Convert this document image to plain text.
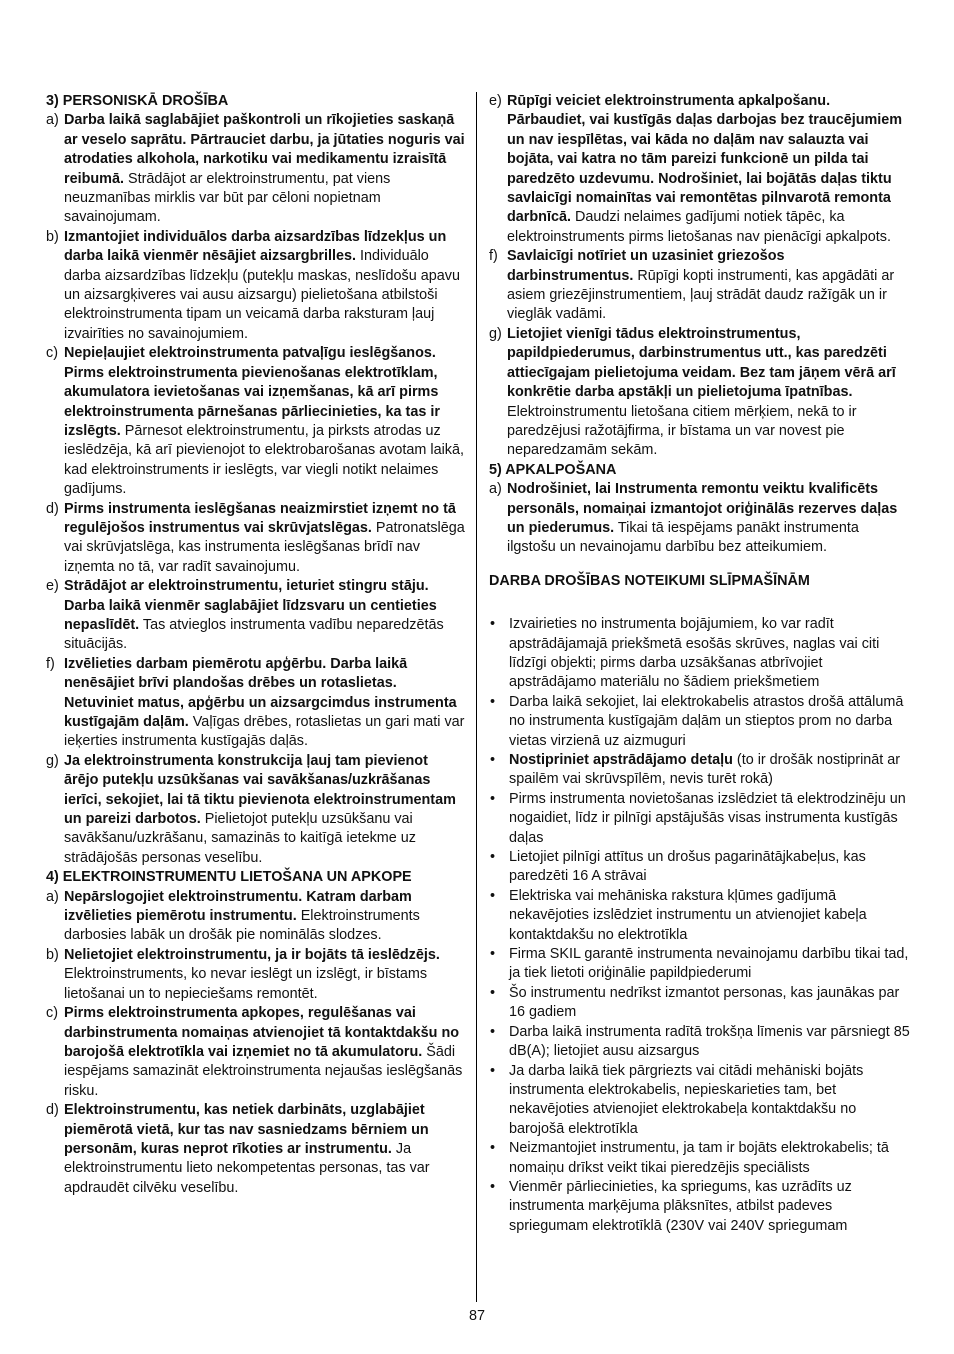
3) PERSONISKĀ DROŠĪBA
a) Darba laikā saglabājiet paškontroli un rīkojieties saskaņā ar veselo saprātu. Pārtrauciet darbu, ja jūtaties noguris vai atrodaties alkohola, narkotiku vai medikamentu izraisītā reibumā. Strādājot ar elektroinstrumentu, pat viens neuzmanības mirklis var būt par cēloni nopietnam savainojumam.
b) Izmantojiet individuālos darba aizsardzības līdzekļus un darba laikā vienmēr nēsājiet aizsargbrilles. Individuālo darba aizsardzības līdzekļu (putekļu maskas, neslīdošu apavu un aizsargķiveres vai ausu aizsargu) pielietošana atbilstoši elektroinstrumenta tipam un veicamā darba raksturam ļauj izvairīties no savainojumiem.
c) Nepieļaujiet elektroinstrumenta patvaļīgu ieslēgšanos. Pirms elektroinstrumenta pievienošanas elektrotīklam, akumulatora ievietošanas vai izņemšanas, kā arī pirms elektroinstrumenta pārnešanas pārliecinieties, ka tas ir izslēgts. Pārnesot elektroinstrumentu, ja pirksts atrodas uz ieslēdzēja, kā arī pievienojot to elektrobarošanas avotam laikā, kad elektroinstruments ir ieslēgts, var viegli notikt nelaimes gadījums.
d) Pirms instrumenta ieslēgšanas neaizmirstiet izņemt no tā regulējošos instrumentus vai skrūvjatslēgas. Patronatslēga vai skrūvjatslēga, kas instrumenta ieslēgšanas brīdī nav izņemta no tā, var radīt savainojumu.
e) Strādājot ar elektroinstrumentu, ieturiet stingru stāju. Darba laikā vienmēr saglabājiet līdzsvaru un centieties nepaslīdēt. Tas atvieglos instrumenta vadību neparedzētās situācijās.
f) Izvēlieties darbam piemērotu apģērbu. Darba laikā nenēsājiet brīvi plandošas drēbes un rotaslietas. Netuviniet matus, apģērbu un aizsargcimdus instrumenta kustīgajām daļām. Vaļīgas drēbes, rotaslietas un gari mati var ieķerties instrumenta kustīgajās daļās.
g) Ja elektroinstrumenta konstrukcija ļauj tam pievienot ārējo putekļu uzsūkšanas vai savākšanas/uzkrāšanas ierīci, sekojiet, lai tā tiktu pievienota elektroinstrumentam un pareizi darbotos. Pielietojot putekļu uzsūkšanu vai savākšanu/uzkrāšanu, samazinās to kaitīgā ietekme uz strādājošās personas veselību.
4) ELEKTROINSTRUMENTU LIETOŠANA UN APKOPE
a) Nepārslogojiet elektroinstrumentu. Katram darbam izvēlieties piemērotu instrumentu. Elektroinstruments darbosies labāk un drošāk pie nominālās slodzes.
b) Nelietojiet elektroinstrumentu, ja ir bojāts tā ieslēdzējs. Elektroinstruments, ko nevar ieslēgt un izslēgt, ir bīstams lietošanai un to nepieciešams remontēt.
c) Pirms elektroinstrumenta apkopes, regulēšanas vai darbinstrumenta nomaiņas atvienojiet tā kontaktdakšu no barojošā elektrotīkla vai izņemiet no tā akumulatoru. Šādi iespējams samazināt elektroinstrumenta nejaušas ieslēgšanās risku.
d) Elektroinstrumentu, kas netiek darbināts, uzglabājiet piemērotā vietā, kur tas nav sasniedzams bērniem un personām, kuras neprot rīkoties ar instrumentu. Ja elektroinstrumentu lieto nekompetentas personas, tas var apdraudēt cilvēku veselību.
e) Rūpīgi veiciet elektroinstrumenta apkalpošanu. Pārbaudiet, vai kustīgās daļas darbojas bez traucējumiem un nav iespīlētas, vai kāda no daļām nav salauzta vai bojāta, vai katra no tām pareizi funkcionē un pilda tai paredzēto uzdevumu. Nodrošiniet, lai bojātās daļas tiktu savlaicīgi nomainītas vai remontētas pilnvarotā remonta darbnīcā. Daudzi nelaimes gadījumi notiek tāpēc, ka elektroinstruments pirms lietošanas nav pienācīgi apkalpots.
f) Savlaicīgi notīriet un uzasiniet griezošos darbinstrumentus. Rūpīgi kopti instrumenti, kas apgādāti ar asiem griezējinstrumentiem, ļauj strādāt daudz ražīgāk un ir vieglāk vadāmi.
g) Lietojiet vienīgi tādus elektroinstrumentus, papildpiederumus, darbinstrumentus utt., kas paredzēti attiecīgajam pielietojuma veidam. Bez tam jāņem vērā arī konkrētie darba apstākļi un pielietojuma īpatnības. Elektroinstrumentu lietošana citiem mērķiem, nekā to ir paredzējusi ražotājfirma, ir bīstama un var novest pie neparedzamām sekām.
5) APKALPOŠANA
a) Nodrošiniet, lai Instrumenta remontu veiktu kvalificēts personāls, nomaiņai izmantojot oriģinālās rezerves daļas un piederumus. Tikai tā iespējams panākt instrumenta ilgstošu un nevainojamu darbību bez atteikumiem.
DARBA DROŠĪBAS NOTEIKUMI SLĪPMAŠĪNĀM
• Izvairieties no instrumenta bojājumiem, ko var radīt apstrādājamajā priekšmetā esošās skrūves, naglas vai citi līdzīgi objekti; pirms darba uzsākšanas atbrīvojiet apstrādājamo materiālu no šādiem priekšmetiem
• Darba laikā sekojiet, lai elektrokabelis atrastos drošā attālumā no instrumenta kustīgajām daļām un stieptos prom no darba vietas virzienā uz aizmuguri
• Nostipriniet apstrādājamo detaļu (to ir drošāk nostiprināt ar spailēm vai skrūvspīlēm, nevis turēt rokā)
• Pirms instrumenta novietošanas izslēdziet tā elektrodzinēju un nogaidiet, līdz ir pilnīgi apstājušās visas instrumenta kustīgās daļas
• Lietojiet pilnīgi attītus un drošus pagarinātājkabeļus, kas paredzēti 16 A strāvai
• Elektriska vai mehāniska rakstura kļūmes gadījumā nekavējoties izslēdziet instrumentu un atvienojiet kabeļa kontaktdakšu no elektrotīkla
• Firma SKIL garantē instrumenta nevainojamu darbību tikai tad, ja tiek lietoti oriģinālie papildpiederumi
• Šo instrumentu nedrīkst izmantot personas, kas jaunākas par 16 gadiem
• Darba laikā instrumenta radītā trokšņa līmenis var pārsniegt 85 dB(A); lietojiet ausu aizsargus
• Ja darba laikā tiek pārgriezts vai citādi mehāniski bojāts instrumenta elektrokabelis, nepieskarieties tam, bet nekavējoties atvienojiet elektrokabeļa kontaktdakšu no barojošā elektrotīkla
• Neizmantojiet instrumentu, ja tam ir bojāts elektrokabelis; tā nomaiņu drīkst veikt tikai pieredzējis speciālists
• Vienmēr pārliecinieties, ka spriegums, kas uzrādīts uz instrumenta marķējuma plāksnītes, atbilst padeves spriegumam elektrotīklā (230V vai 240V spriegumam
87
